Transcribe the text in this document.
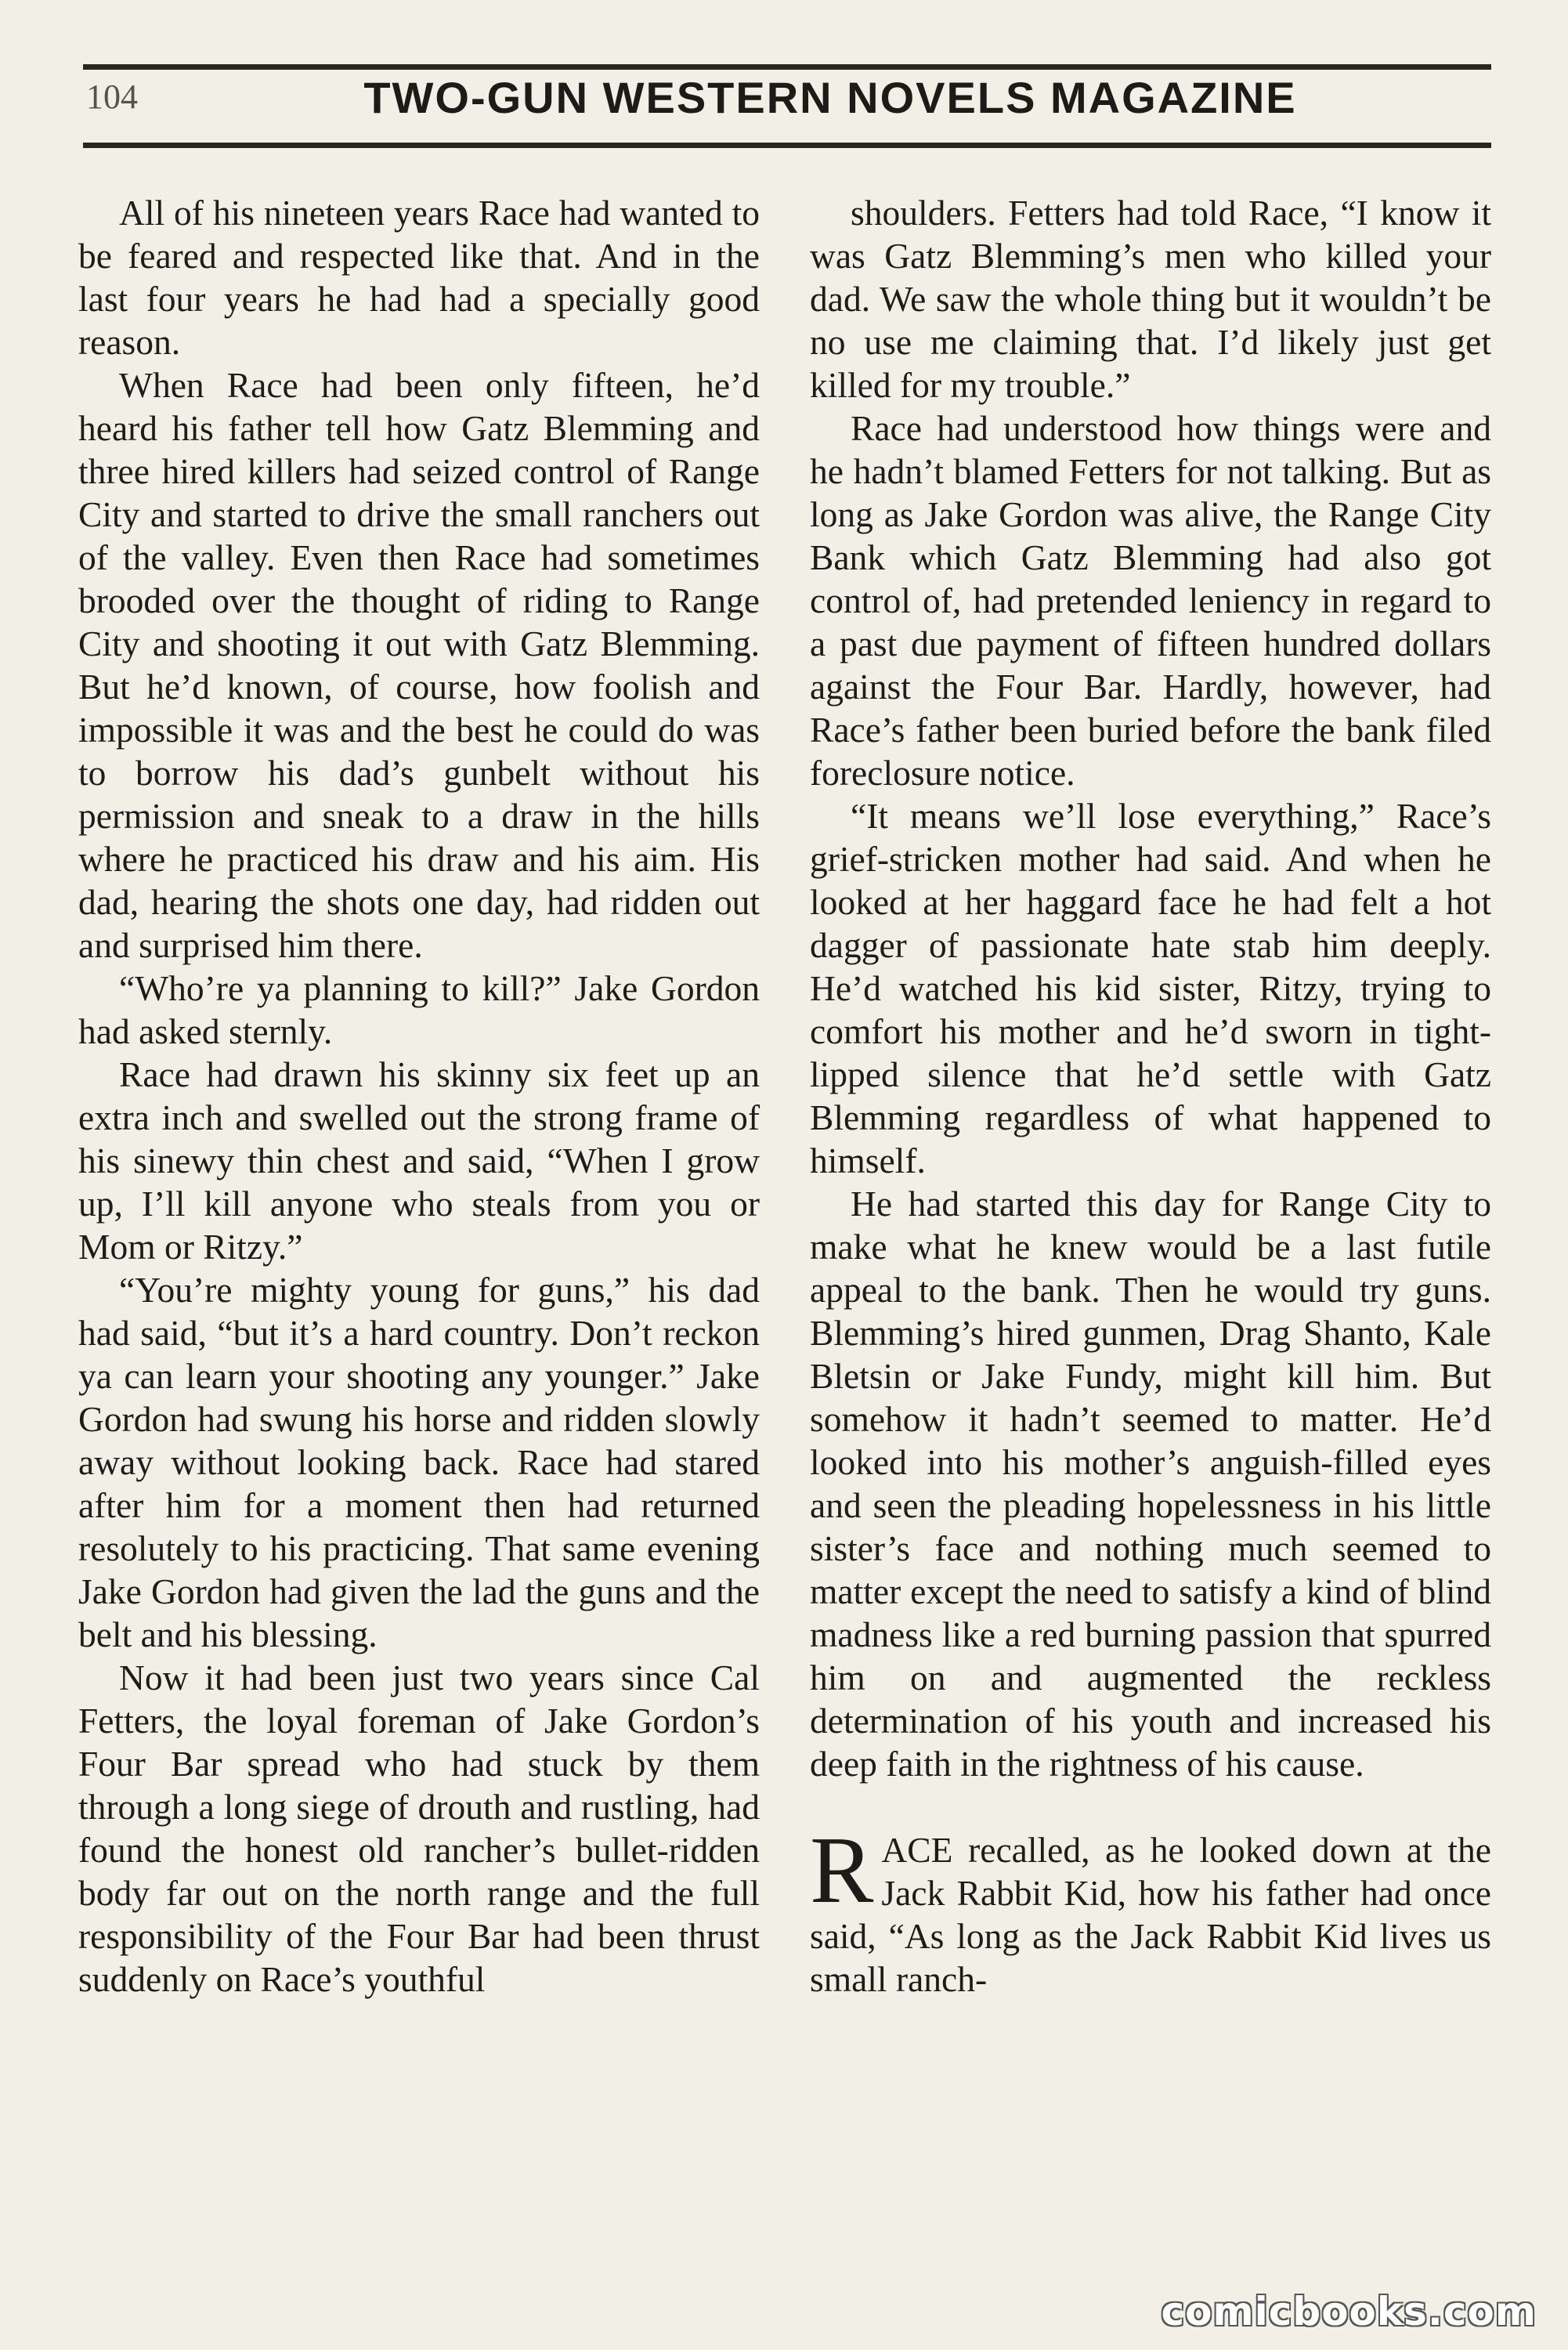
104	TWO-GUN WESTERN NOVELS MAGAZINE

All of his nineteen years Race had wanted to be feared and respected like that. And in the last four years he had had a specially good reason.

When Race had been only fifteen, he’d heard his father tell how Gatz Blemming and three hired killers had seized control of Range City and started to drive the small ranchers out of the valley. Even then Race had sometimes brooded over the thought of riding to Range City and shooting it out with Gatz Blemming. But he’d known, of course, how foolish and impossible it was and the best he could do was to borrow his dad’s gunbelt without his permission and sneak to a draw in the hills where he practiced his draw and his aim. His dad, hearing the shots one day, had ridden out and surprised him there.

“Who’re ya planning to kill?” Jake Gordon had asked sternly.

Race had drawn his skinny six feet up an extra inch and swelled out the strong frame of his sinewy thin chest and said, “When I grow up, I’ll kill anyone who steals from you or Mom or Ritzy.”

“You’re mighty young for guns,” his dad had said, “but it’s a hard country. Don’t reckon ya can learn your shooting any younger.” Jake Gordon had swung his horse and ridden slowly away without looking back. Race had stared after him for a moment then had returned resolutely to his practicing. That same evening Jake Gordon had given the lad the guns and the belt and his blessing.

Now it had been just two years since Cal Fetters, the loyal foreman of Jake Gordon’s Four Bar spread who had stuck by them through a long siege of drouth and rustling, had found the honest old rancher’s bullet-ridden body far out on the north range and the full responsibility of the Four Bar had been thrust suddenly on Race’s youthful

shoulders. Fetters had told Race, “I know it was Gatz Blemming’s men who killed your dad. We saw the whole thing but it wouldn’t be no use me claiming that. I’d likely just get killed for my trouble.”

Race had understood how things were and he hadn’t blamed Fetters for not talking. But as long as Jake Gordon was alive, the Range City Bank which Gatz Blemming had also got control of, had pretended leniency in regard to a past due payment of fifteen hundred dollars against the Four Bar. Hardly, however, had Race’s father been buried before the bank filed foreclosure notice.

“It means we’ll lose everything,” Race’s grief-stricken mother had said. And when he looked at her haggard face he had felt a hot dagger of passionate hate stab him deeply. He’d watched his kid sister, Ritzy, trying to comfort his mother and he’d sworn in tight-lipped silence that he’d settle with Gatz Blemming regardless of what happened to himself.

He had started this day for Range City to make what he knew would be a last futile appeal to the bank. Then he would try guns. Blemming’s hired gunmen, Drag Shanto, Kale Bletsin or Jake Fundy, might kill him. But somehow it hadn’t seemed to matter. He’d looked into his mother’s anguish-filled eyes and seen the pleading hopelessness in his little sister’s face and nothing much seemed to matter except the need to satisfy a kind of blind madness like a red burning passion that spurred him on and augmented the reckless determination of his youth and increased his deep faith in the rightness of his cause.

RACE recalled, as he looked down at the Jack Rabbit Kid, how his father had once said, “As long as the Jack Rabbit Kid lives us small ranch-

comicbooks.com
